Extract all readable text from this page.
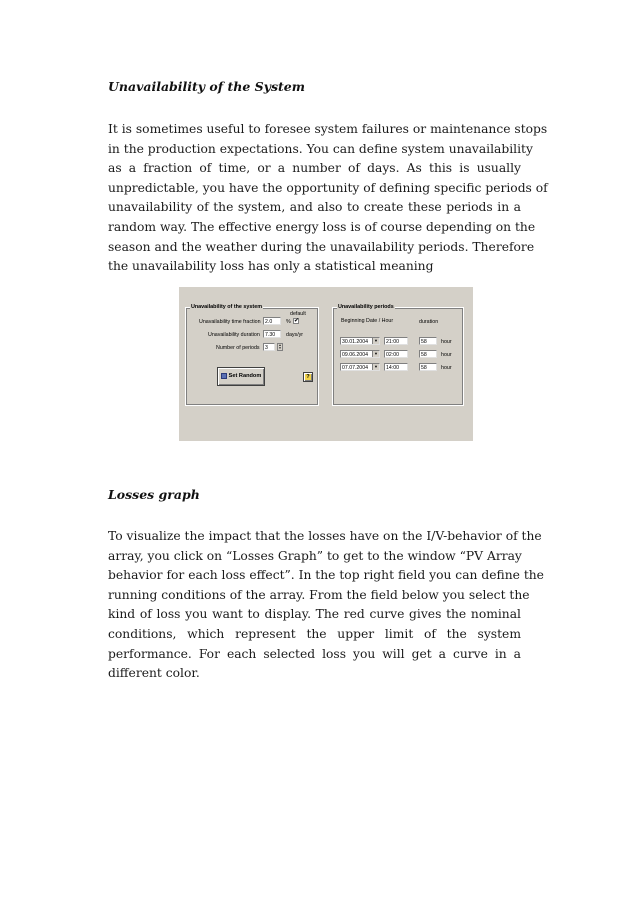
Unavailability of the System
It is sometimes useful to foresee system failures or maintenance stops
in the production expectations. You can define system unavailability
as a fraction of time, or a number of days. As this is usually
unpredictable, you have the opportunity of defining specific periods of
unavailability of the system, and also to create these periods in a
random way. The effective energy loss is of course depending on the
season and the weather during the unavailability periods. Therefore
the unavailability loss has only a statistical meaning
Unavailability of the system
default
Unavailability time fraction 2.0	% ✔
Unavailability duration 7.30	days/yr
Number of periods	3	▴
▾
Set Random	?
Unavailability periods
Beginning Date / Hour	duration
30.01.2004	▼	21:00	58	hour
09.06.2004	▼	02:00	58	hour
07.07.2004	▼	14:00	58	hour
Losses graph
To visualize the impact that the losses have on the I/V-behavior of the
array, you click on “Losses Graph” to get to the window “PV Array
behavior for each loss effect”. In the top right field you can define the
running conditions of the array. From the field below you select the
kind of loss you want to display. The red curve gives the nominal
conditions, which represent the upper limit of the system
performance. For each selected loss you will get a curve in a
different color.
